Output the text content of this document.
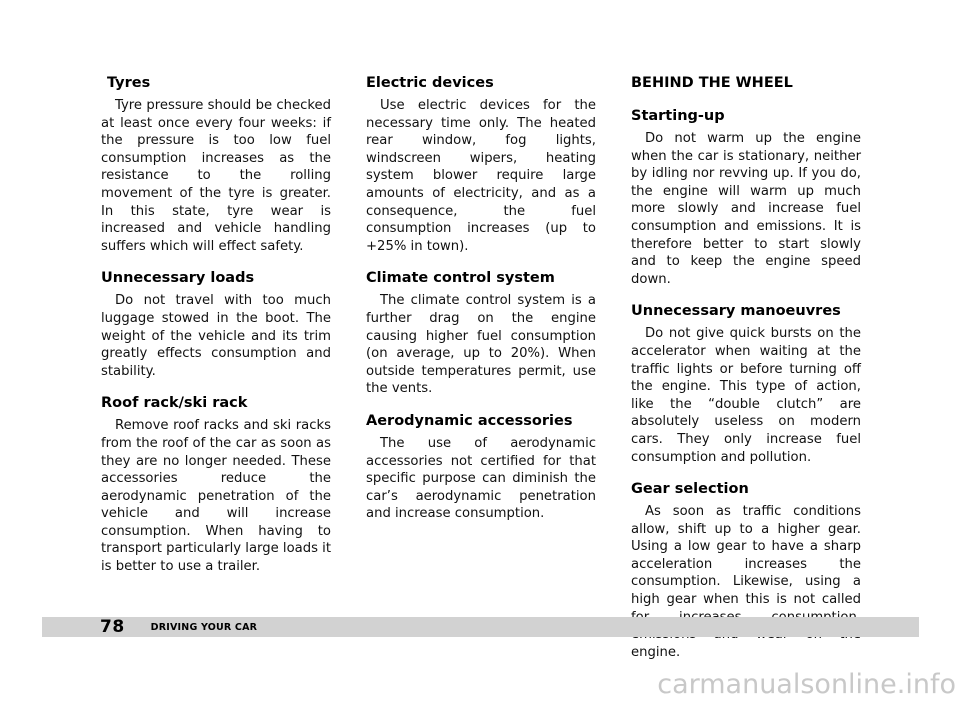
Tyres

Tyre pressure should be checked at least once every four weeks: if the pressure is too low fuel consumption increases as the resistance to the rolling movement of the tyre is greater. In this state, tyre wear is increased and vehicle handling suffers which will effect safety.

Unnecessary loads

Do not travel with too much luggage stowed in the boot. The weight of the vehicle and its trim greatly effects consumption and stability.

Roof rack/ski rack

Remove roof racks and ski racks from the roof of the car as soon as they are no longer needed. These accessories reduce the aerodynamic penetration of the vehicle and will increase consumption. When having to transport particularly large loads it is better to use a trailer.

Electric devices

Use electric devices for the necessary time only. The heated rear window, fog lights, windscreen wipers, heating system blower require large amounts of electricity, and as a consequence, the fuel consumption increases (up to +25% in town).

Climate control system

The climate control system is a further drag on the engine causing higher fuel consumption (on average, up to 20%). When outside temperatures permit, use the vents.

Aerodynamic accessories

The use of aerodynamic accessories not certified for that specific purpose can diminish the car’s aerodynamic penetration and increase consumption.

BEHIND THE WHEEL
Starting-up

Do not warm up the engine when the car is stationary, neither by idling nor revving up. If you do, the engine will warm up much more slowly and increase fuel consumption and emissions. It is therefore better to start slowly and to keep the engine speed down.

Unnecessary manoeuvres

Do not give quick bursts on the accelerator when waiting at the traffic lights or before turning off the engine. This type of action, like the “double clutch” are absolutely useless on modern cars. They only increase fuel consumption and pollution.

Gear selection

As soon as traffic conditions allow, shift up to a higher gear. Using a low gear to have a sharp acceleration increases the consumption. Likewise, using a high gear when this is not called engine.

78	DRIVING YOUR CAR
carmanualsonline.info
